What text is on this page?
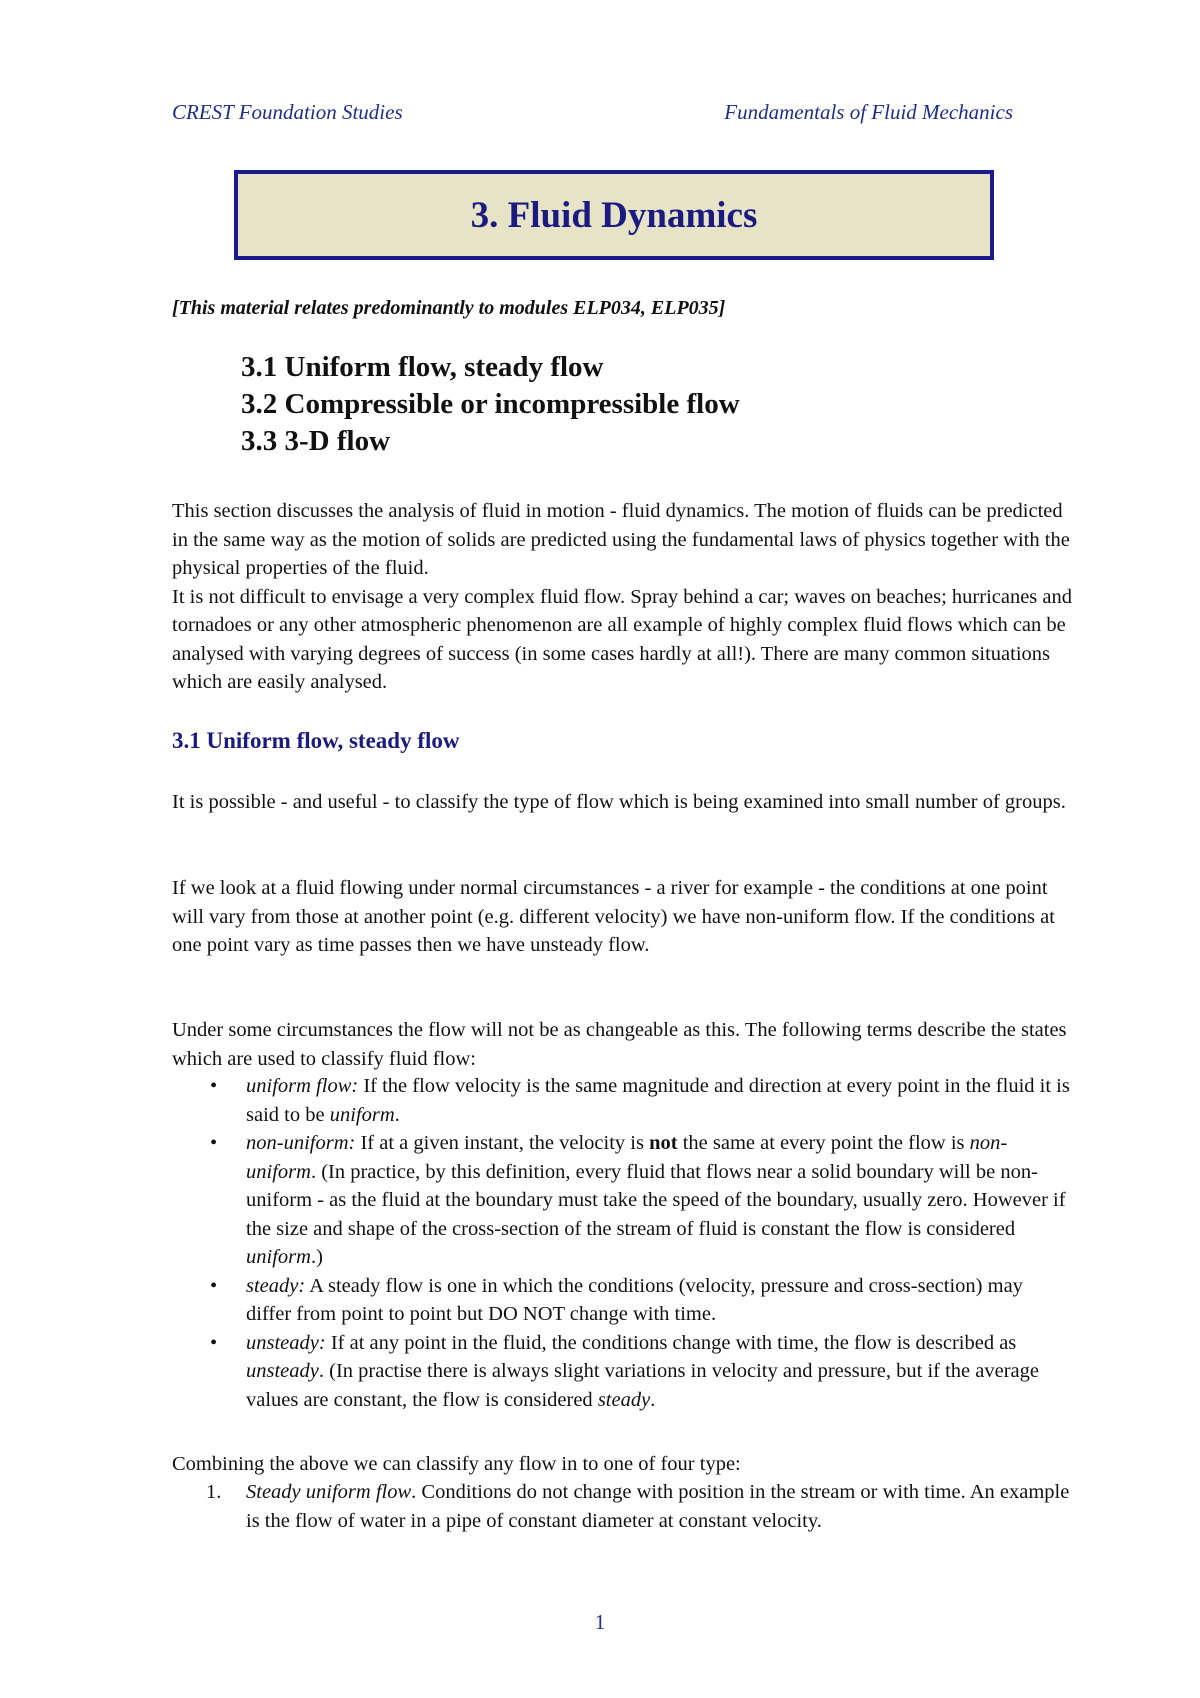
CREST Foundation Studies	Fundamentals of Fluid Mechanics
3. Fluid Dynamics
[This material relates predominantly to modules ELP034, ELP035]
3.1 Uniform flow, steady flow
3.2 Compressible or incompressible flow
3.3 3-D flow
This section discusses the analysis of fluid in motion - fluid dynamics. The motion of fluids can be predicted in the same way as the motion of solids are predicted using the fundamental laws of physics together with the physical properties of the fluid.
It is not difficult to envisage a very complex fluid flow. Spray behind a car; waves on beaches; hurricanes and tornadoes or any other atmospheric phenomenon are all example of highly complex fluid flows which can be analysed with varying degrees of success (in some cases hardly at all!). There are many common situations which are easily analysed.
3.1 Uniform flow, steady flow
It is possible - and useful - to classify the type of flow which is being examined into small number of groups.
If we look at a fluid flowing under normal circumstances - a river for example - the conditions at one point will vary from those at another point (e.g. different velocity) we have non-uniform flow. If the conditions at one point vary as time passes then we have unsteady flow.
Under some circumstances the flow will not be as changeable as this. The following terms describe the states which are used to classify fluid flow:
• uniform flow: If the flow velocity is the same magnitude and direction at every point in the fluid it is said to be uniform.
• non-uniform: If at a given instant, the velocity is not the same at every point the flow is non-uniform. (In practice, by this definition, every fluid that flows near a solid boundary will be non-uniform - as the fluid at the boundary must take the speed of the boundary, usually zero. However if the size and shape of the cross-section of the stream of fluid is constant the flow is considered uniform.)
• steady: A steady flow is one in which the conditions (velocity, pressure and cross-section) may differ from point to point but DO NOT change with time.
• unsteady: If at any point in the fluid, the conditions change with time, the flow is described as unsteady. (In practise there is always slight variations in velocity and pressure, but if the average values are constant, the flow is considered steady.
Combining the above we can classify any flow in to one of four type:
1. Steady uniform flow. Conditions do not change with position in the stream or with time. An example is the flow of water in a pipe of constant diameter at constant velocity.
1
